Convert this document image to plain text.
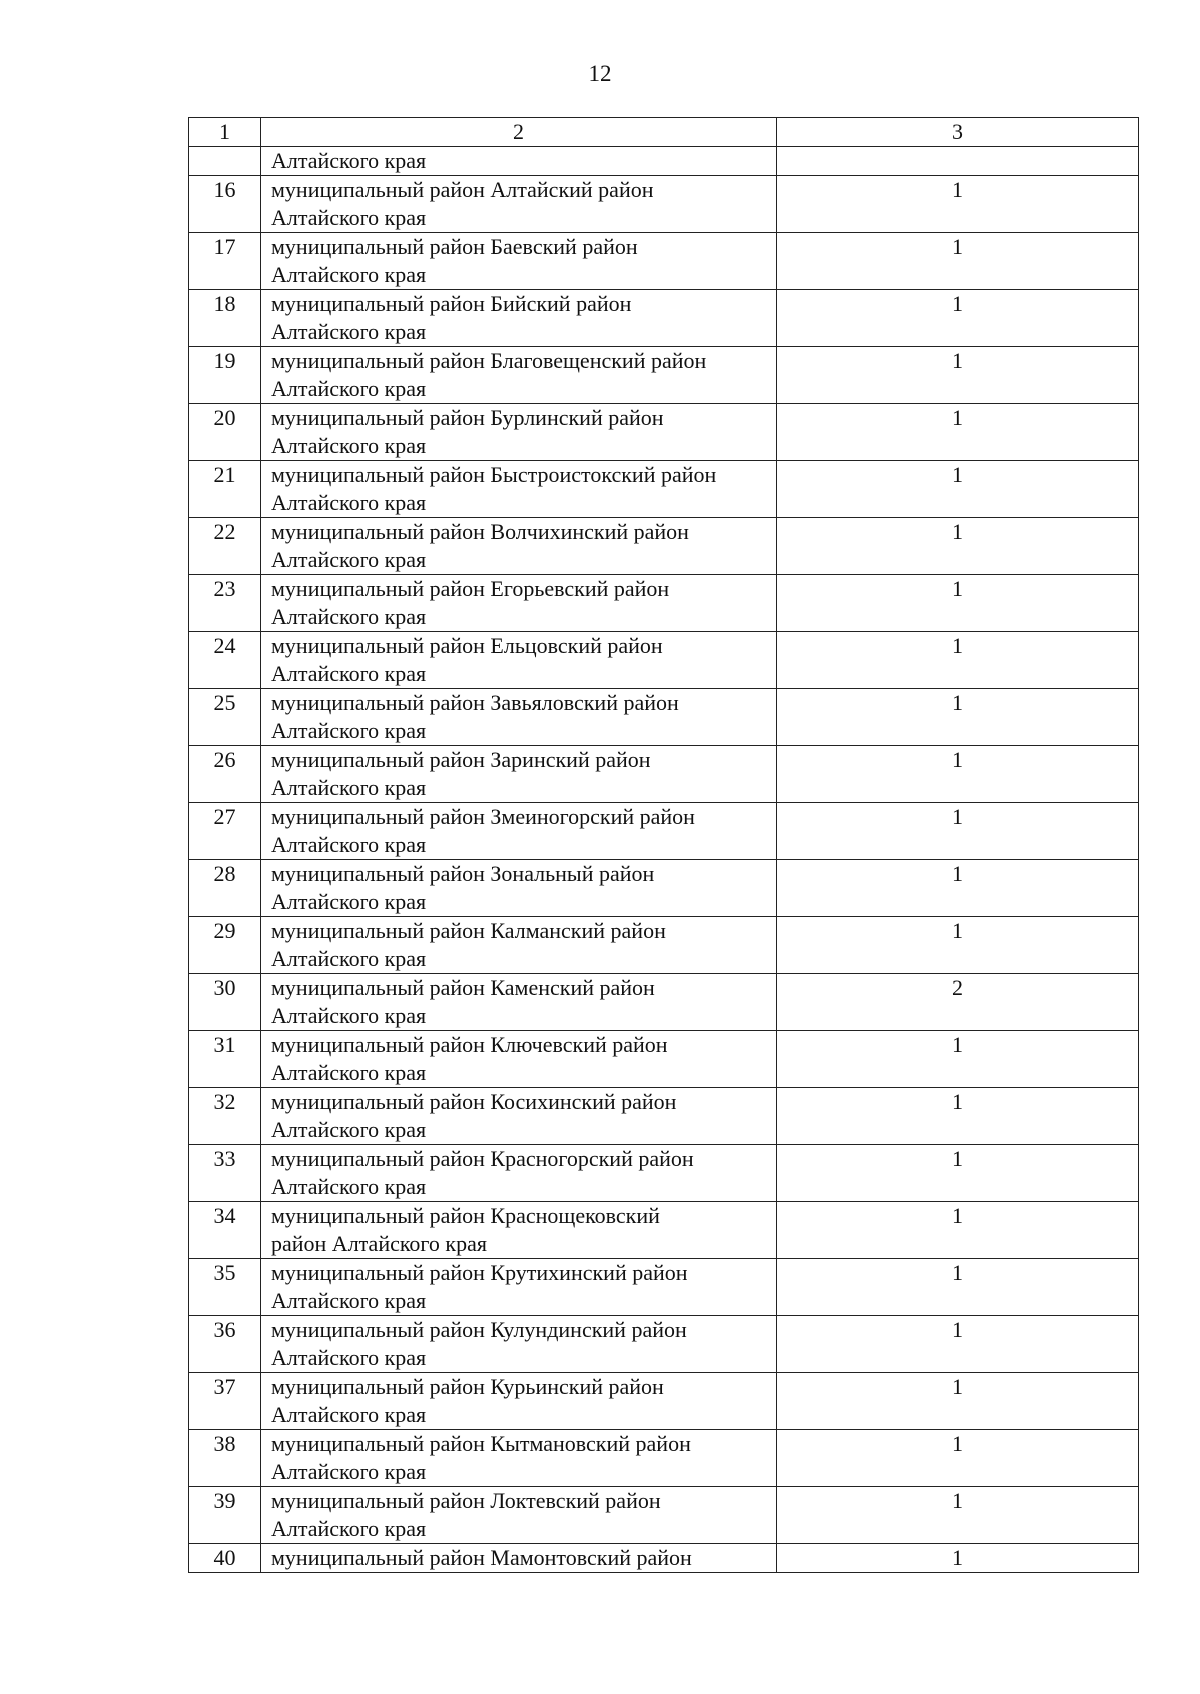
12
1	2	3

	Алтайского края	

16	муниципальный район Алтайский район
Алтайского края	1
17	муниципальный район Баевский район
Алтайского края	1
18	муниципальный район Бийский район
Алтайского края	1
19	муниципальный район Благовещенский район
Алтайского края	1
20	муниципальный район Бурлинский район
Алтайского края	1
21	муниципальный район Быстроистокский район
Алтайского края	1
22	муниципальный район Волчихинский район
Алтайского края	1
23	муниципальный район Егорьевский район
Алтайского края	1
24	муниципальный район Ельцовский район
Алтайского края	1
25	муниципальный район Завьяловский район
Алтайского края	1
26	муниципальный район Заринский район
Алтайского края	1
27	муниципальный район Змеиногорский район
Алтайского края	1
28	муниципальный район Зональный район
Алтайского края	1
29	муниципальный район Калманский район
Алтайского края	1
30	муниципальный район Каменский район
Алтайского края	2
31	муниципальный район Ключевский район
Алтайского края	1
32	муниципальный район Косихинский район
Алтайского края	1
33	муниципальный район Красногорский район
Алтайского края	1
34	муниципальный район Краснощековский
район Алтайского края	1
35	муниципальный район Крутихинский район
Алтайского края	1
36	муниципальный район Кулундинский район
Алтайского края	1
37	муниципальный район Курьинский район
Алтайского края	1
38	муниципальный район Кытмановский район
Алтайского края	1
39	муниципальный район Локтевский район
Алтайского края	1
40	муниципальный район Мамонтовский район	1
